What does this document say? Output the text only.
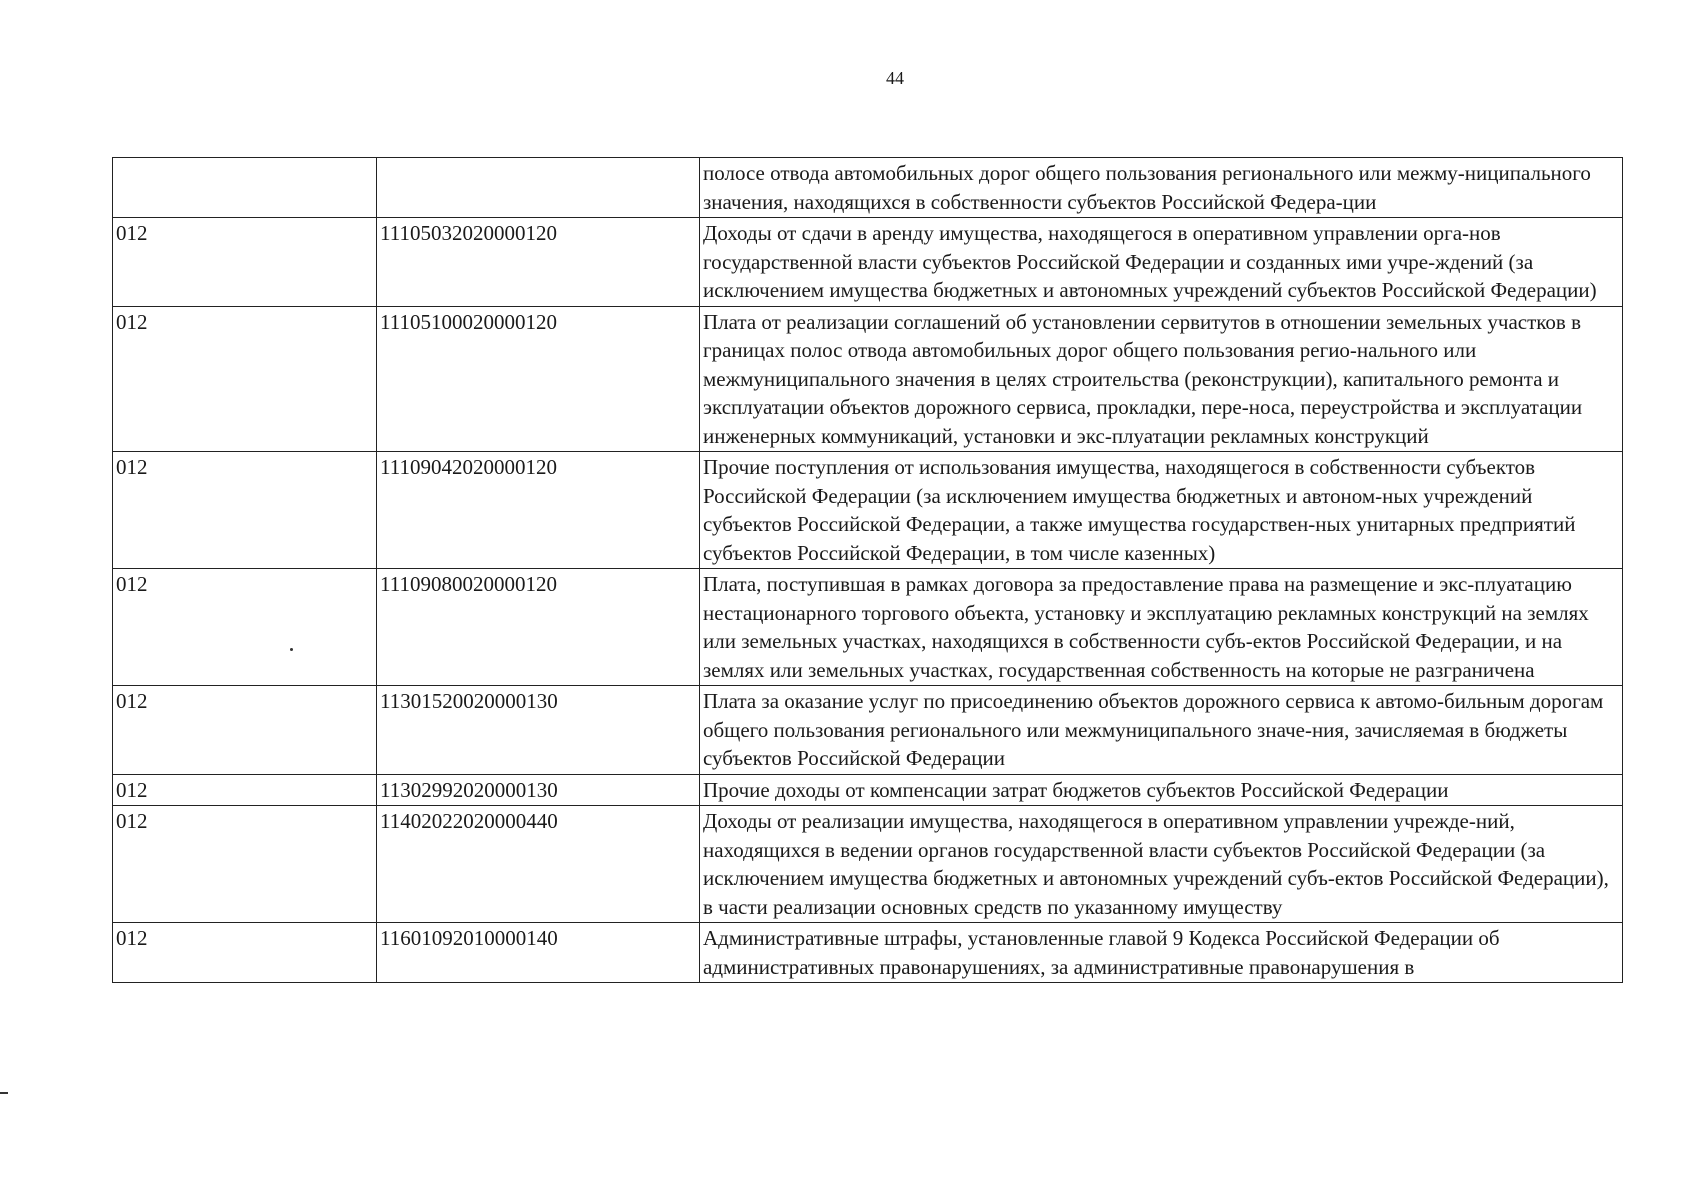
44
		полосе отвода автомобильных дорог общего пользования регионального или межму-ниципального значения, находящихся в собственности субъектов Российской Федера-ции
012	11105032020000120	Доходы от сдачи в аренду имущества, находящегося в оперативном управлении орга-нов государственной власти субъектов Российской Федерации и созданных ими учре-ждений (за исключением имущества бюджетных и автономных учреждений субъектов Российской Федерации)
012	11105100020000120	Плата от реализации соглашений об установлении сервитутов в отношении земельных участков в границах полос отвода автомобильных дорог общего пользования регио-нального или межмуниципального значения в целях строительства (реконструкции), капитального ремонта и эксплуатации объектов дорожного сервиса, прокладки, пере-носа, переустройства и эксплуатации инженерных коммуникаций, установки и экс-плуатации рекламных конструкций
012	11109042020000120	Прочие поступления от использования имущества, находящегося в собственности субъектов Российской Федерации (за исключением имущества бюджетных и автоном-ных учреждений субъектов Российской Федерации, а также имущества государствен-ных унитарных предприятий субъектов Российской Федерации, в том числе казенных)
012	11109080020000120	Плата, поступившая в рамках договора за предоставление права на размещение и экс-плуатацию нестационарного торгового объекта, установку и эксплуатацию рекламных конструкций на землях или земельных участках, находящихся в собственности субъ-ектов Российской Федерации, и на землях или земельных участках, государственная собственность на которые не разграничена
012	11301520020000130	Плата за оказание услуг по присоединению объектов дорожного сервиса к автомо-бильным дорогам общего пользования регионального или межмуниципального значе-ния, зачисляемая в бюджеты субъектов Российской Федерации
012	11302992020000130	Прочие доходы от компенсации затрат бюджетов субъектов Российской Федерации
012	11402022020000440	Доходы от реализации имущества, находящегося в оперативном управлении учрежде-ний, находящихся в ведении органов государственной власти субъектов Российской Федерации (за исключением имущества бюджетных и автономных учреждений субъ-ектов Российской Федерации), в части реализации основных средств по указанному имуществу
012	11601092010000140	Административные штрафы, установленные главой 9 Кодекса Российской Федерации об административных правонарушениях, за административные правонарушения в
